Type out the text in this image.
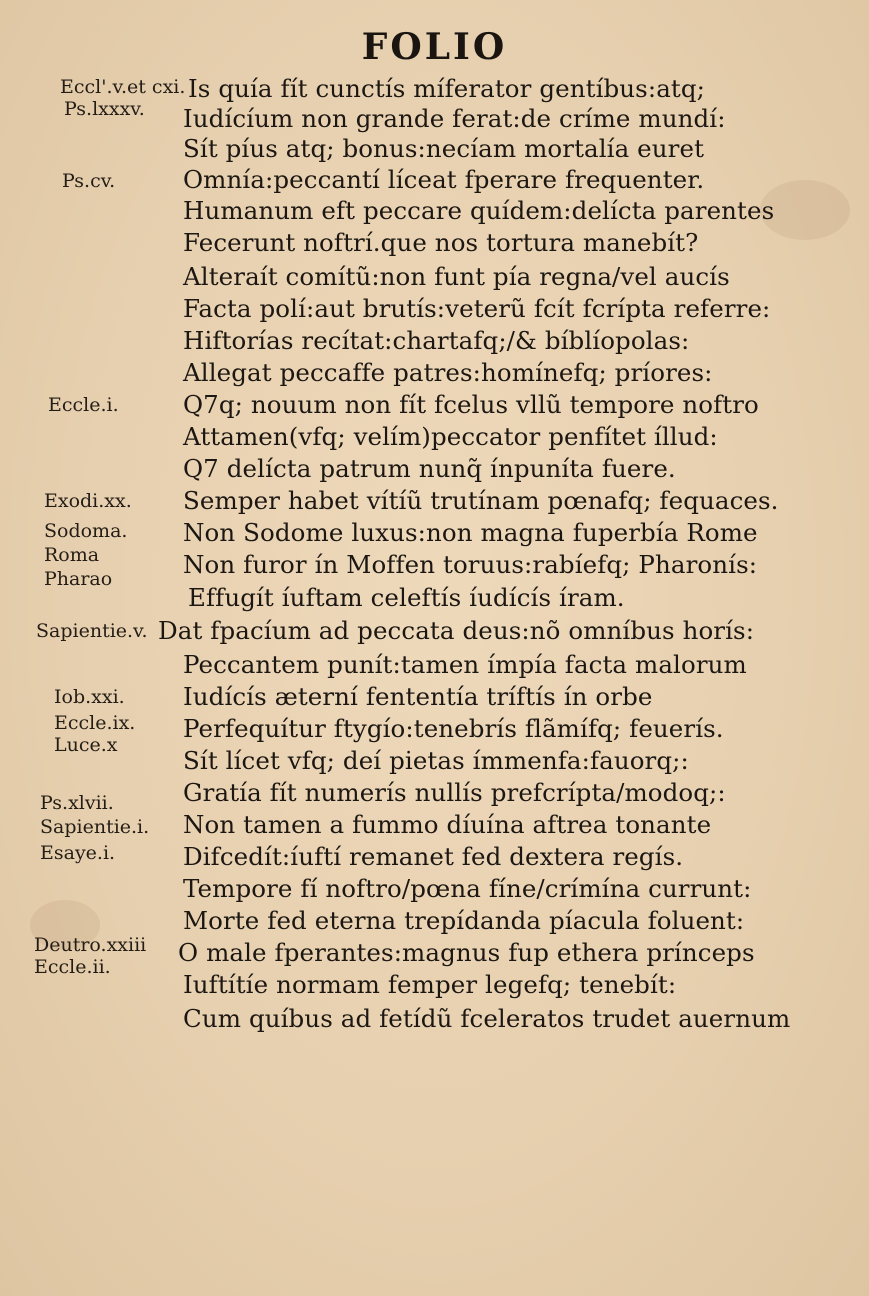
FOLIO
Is quía fít cunctís míferator gentíbus:atq;
Iudícíum non grande ferat:de críme mundí:
Sít píus atq; bonus:necíam mortalía euret
Omnía:peccantí líceat fperare frequenter.
Humanum eft peccare quídem:delícta parentes
Fecerunt noftrí.que nos tortura manebít?
Alteraít comítũ:non funt pía regna/vel aucís
Facta polí:aut brutís:veterũ fcít fcrípta referre:
Hiftorías recítat:chartafq;/& bíblíopolas:
Allegat peccaffe patres:homínefq; príores:
Q7q; nouum non fít fcelus vllũ tempore noftro
Attamen(vfq; velím)peccator penfítet íllud:
Q7 delícta patrum nunq̃ ínpuníta fuere.
Semper habet vítíũ trutínam pœnafq; fequaces.
Non Sodome luxus:non magna fuperbía Rome
Non furor ín Moffen toruus:rabíefq; Pharonís:
Effugít íuftam celeftís íudícís íram.
Dat fpacíum ad peccata deus:nõ omníbus horís:
Peccantem punít:tamen ímpía facta malorum
Iudícís æterní fententía tríftís ín orbe
Perfequítur ftygío:tenebrís flãmífq; feuerís.
Sít lícet vfq; deí pietas ímmenfa:fauorq;:
Gratía fít numerís nullís prefcrípta/modoq;:
Non tamen a fummo díuína aftrea tonante
Difcedít:íuftí remanet fed dextera regís.
Tempore fí noftro/pœna fíne/crímína currunt:
Morte fed eterna trepídanda píacula foluent:
O male fperantes:magnus fup ethera prínceps
Iuftítíe normam femper legefq; tenebít:
Cum quíbus ad fetídũ fceleratos trudet auernum
Eccl'.v.et cxi.
Ps.lxxxv.
Ps.cv.
Eccle.i.
Exodi.xx.
Sodoma.
Roma
Pharao
Sapientie.v.
Iob.xxi.
Eccle.ix.
Luce.x
Ps.xlvii.
Sapientie.i.
Esaye.i.
Deutro.xxiii
Eccle.ii.
